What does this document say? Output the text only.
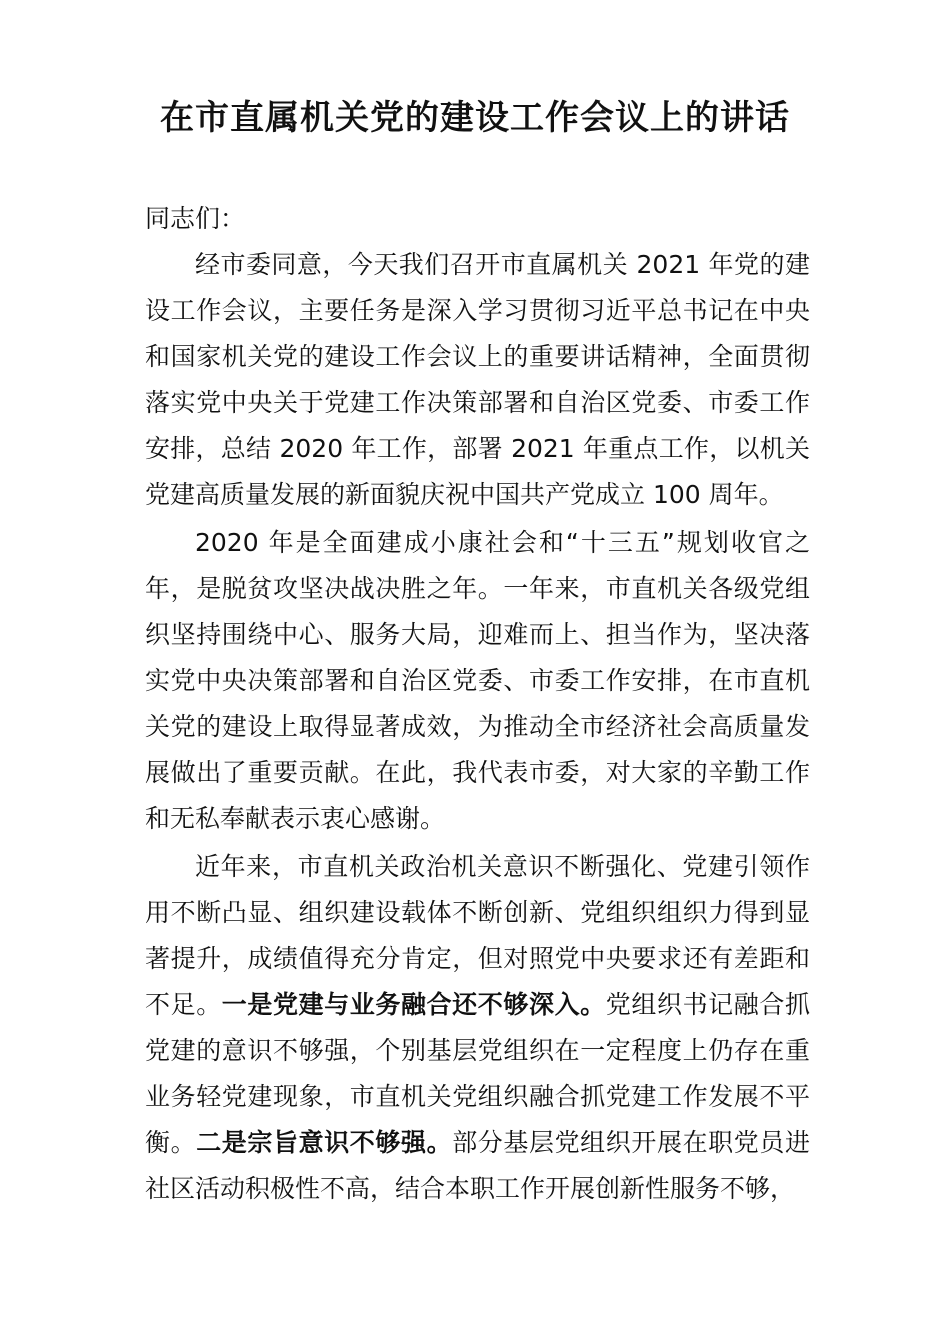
在市直属机关党的建设工作会议上的讲话

同志们：

经市委同意，今天我们召开市直属机关 2021 年党的建设工作会议，主要任务是深入学习贯彻习近平总书记在中央和国家机关党的建设工作会议上的重要讲话精神，全面贯彻落实党中央关于党建工作决策部署和自治区党委、市委工作安排，总结 2020 年工作，部署 2021 年重点工作，以机关党建高质量发展的新面貌庆祝中国共产党成立 100 周年。

2020 年是全面建成小康社会和“十三五”规划收官之年，是脱贫攻坚决战决胜之年。一年来，市直机关各级党组织坚持围绕中心、服务大局，迎难而上、担当作为，坚决落实党中央决策部署和自治区党委、市委工作安排，在市直机关党的建设上取得显著成效，为推动全市经济社会高质量发展做出了重要贡献。在此，我代表市委，对大家的辛勤工作和无私奉献表示衷心感谢。

近年来，市直机关政治机关意识不断强化、党建引领作用不断凸显、组织建设载体不断创新、党组织组织力得到显著提升，成绩值得充分肯定，但对照党中央要求还有差距和不足。一是党建与业务融合还不够深入。党组织书记融合抓党建的意识不够强，个别基层党组织在一定程度上仍存在重业务轻党建现象，市直机关党组织融合抓党建工作发展不平衡。二是宗旨意识不够强。部分基层党组织开展在职党员进社区活动积极性不高，结合本职工作开展创新性服务不够，
